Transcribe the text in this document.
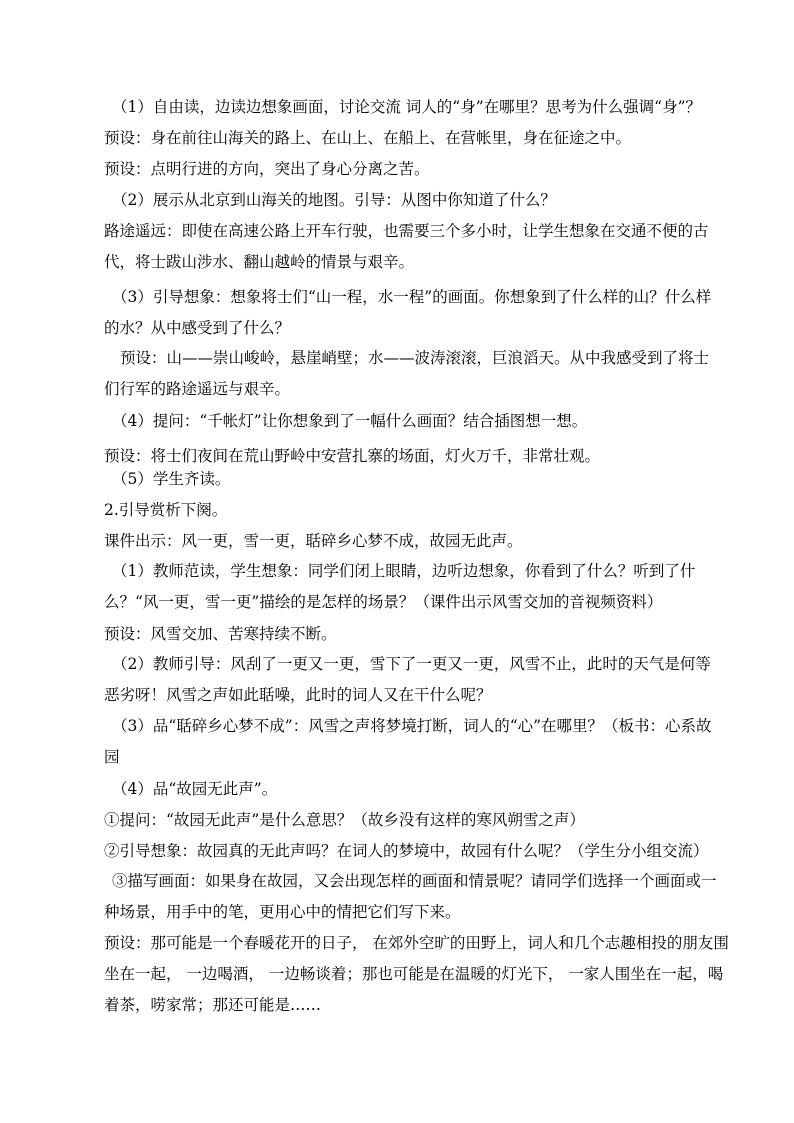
（1）自由读，边读边想象画面，讨论交流 词人的“身”在哪里？思考为什么强调“身”？
预设：身在前往山海关的路上、在山上、在船上、在营帐里，身在征途之中。
预设：点明行进的方向，突出了身心分离之苦。
（2）展示从北京到山海关的地图。引导：从图中你知道了什么？
路途遥远：即使在高速公路上开车行驶，也需要三个多小时，让学生想象在交通不便的古代，将士跋山涉水、翻山越岭的情景与艰辛。
（3）引导想象：想象将士们“山一程，水一程”的画面。你想象到了什么样的山？什么样的水？从中感受到了什么？
预设：山——崇山峻岭，悬崖峭壁；水——波涛滚滚，巨浪滔天。从中我感受到了将士们行军的路途遥远与艰辛。
（4）提问：“千帐灯”让你想象到了一幅什么画面？结合插图想一想。
预设：将士们夜间在荒山野岭中安营扎寨的场面，灯火万千，非常壮观。
（5）学生齐读。
2.引导赏析下阕。
课件出示：风一更，雪一更，聒碎乡心梦不成，故园无此声。
（1）教师范读，学生想象：同学们闭上眼睛，边听边想象，你看到了什么？听到了什么？“风一更，雪一更”描绘的是怎样的场景？（课件出示风雪交加的音视频资料）
预设：风雪交加、苦寒持续不断。
（2）教师引导：风刮了一更又一更，雪下了一更又一更，风雪不止，此时的天气是何等恶劣呀！风雪之声如此聒噪，此时的词人又在干什么呢？
（3）品“聒碎乡心梦不成”：风雪之声将梦境打断，词人的“心”在哪里？（板书：心系故园
（4）品“故园无此声”。
①提问：“故园无此声”是什么意思？（故乡没有这样的寒风朔雪之声）
②引导想象：故园真的无此声吗？在词人的梦境中，故园有什么呢？（学生分小组交流）
③描写画面：如果身在故园，又会出现怎样的画面和情景呢？请同学们选择一个画面或一种场景，用手中的笔，更用心中的情把它们写下来。
预设：那可能是一个春暖花开的日子， 在郊外空旷的田野上，词人和几个志趣相投的朋友围坐在一起， 一边喝酒， 一边畅谈着；那也可能是在温暖的灯光下， 一家人围坐在一起，喝着茶，唠家常；那还可能是……
